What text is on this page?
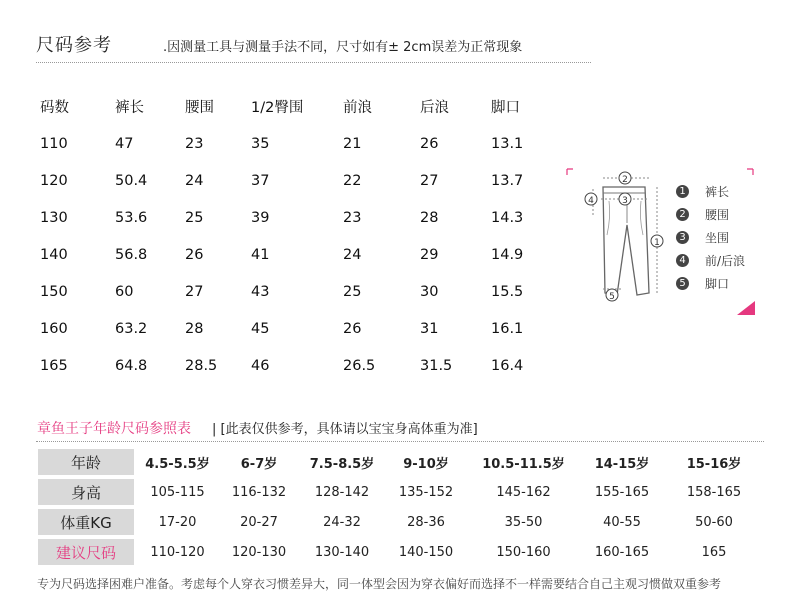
尺码参考	.因测量工具与测量手法不同，尺寸如有± 2cm误差为正常现象
码数	裤长	腰围	1/2臀围	前浪	后浪	脚口
110	47	23	35	21	26	13.1
120	50.4	24	37	22	27	13.7
130	53.6	25	39	23	28	14.3
140	56.8	26	41	24	29	14.9
150	60	27	43	25	30	15.5
160	63.2	28	45	26	31	16.1
165	64.8	28.5	46	26.5	31.5	16.4
2
3
4
1
5
1 裤长
2 腰围
3 坐围
4 前/后浪
5 脚口
章鱼王子年龄尺码参照表 | [此表仅供参考，具体请以宝宝身高体重为准]
年龄	4.5-5.5岁	6-7岁	7.5-8.5岁	9-10岁	10.5-11.5岁	14-15岁	15-16岁
身高	105-115	116-132	128-142	135-152	145-162	155-165	158-165
体重KG	17-20	20-27	24-32	28-36	35-50	40-55	50-60
建议尺码	110-120	120-130	130-140	140-150	150-160	160-165	165
专为尺码选择困难户准备。考虑每个人穿衣习惯差异大，同一体型会因为穿衣偏好而选择不一样需要结合自己主观习惯做双重参考
